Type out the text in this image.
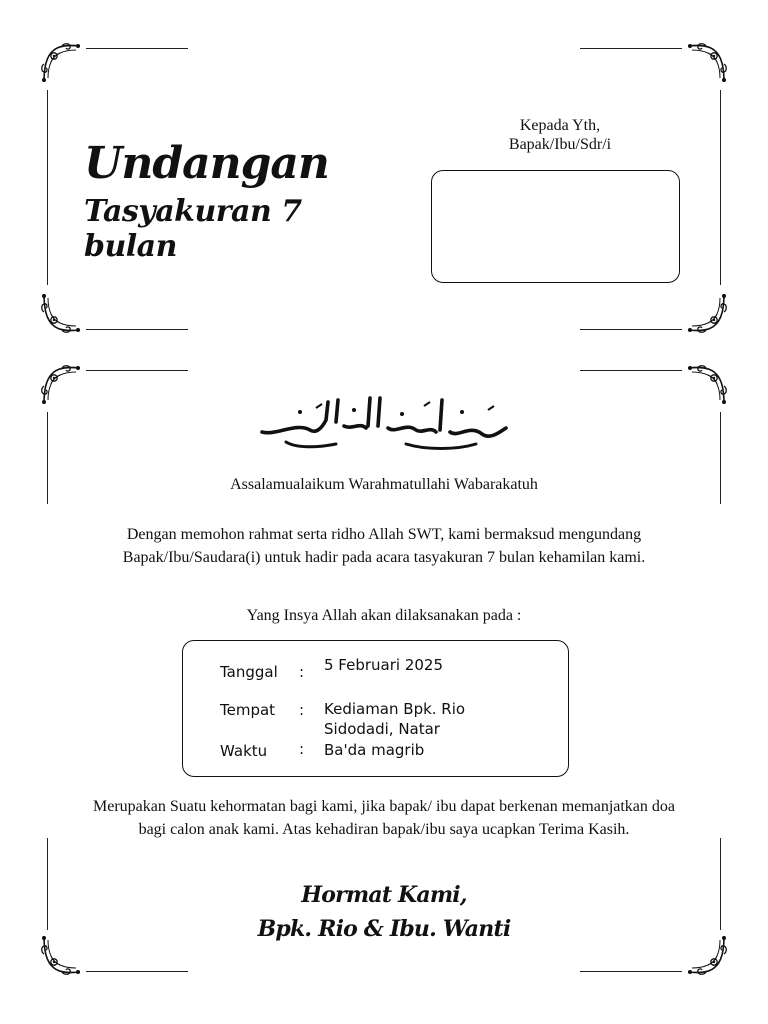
Undangan
Tasyakuran 7 bulan
Kepada Yth,
Bapak/Ibu/Sdr/i
Assalamualaikum Warahmatullahi Wabarakatuh
Dengan memohon rahmat serta ridho Allah SWT, kami bermaksud mengundang Bapak/Ibu/Saudara(i) untuk hadir pada acara tasyakuran 7 bulan kehamilan kami.
Yang Insya Allah akan dilaksanakan pada :
Tanggal : 5 Februari 2025
Tempat : Kediaman Bpk. Rio Sidodadi, Natar
Waktu : Ba'da magrib
Merupakan Suatu kehormatan bagi kami, jika bapak/ ibu dapat berkenan memanjatkan doa bagi calon anak kami. Atas kehadiran bapak/ibu saya ucapkan Terima Kasih.
Hormat Kami,
Bpk. Rio & Ibu. Wanti
